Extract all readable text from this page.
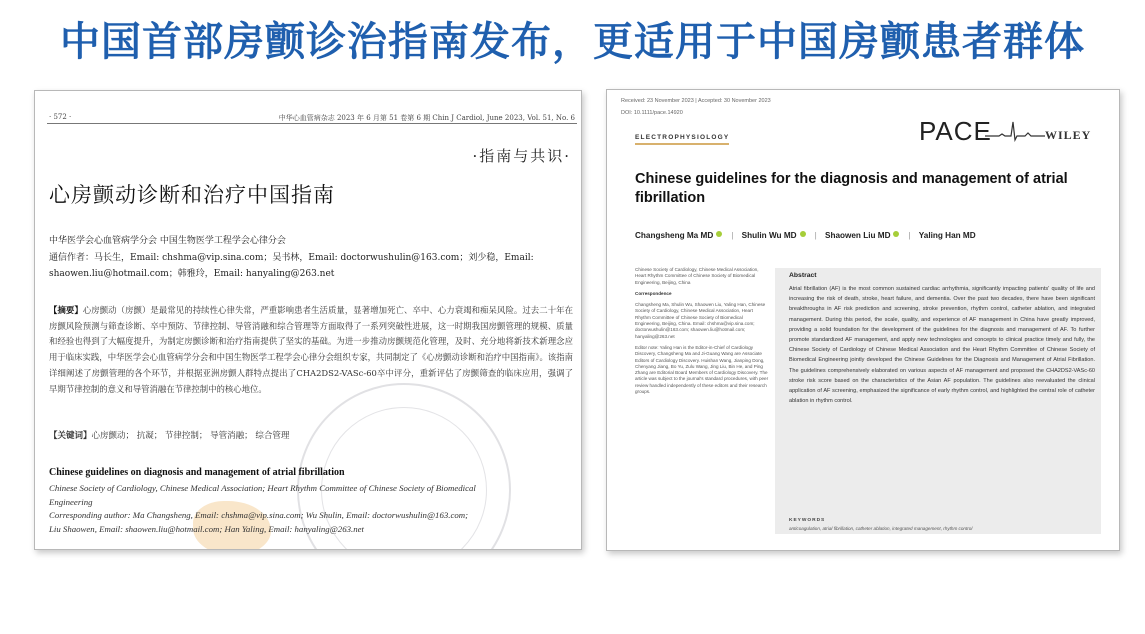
中国首部房颤诊治指南发布，更适用于中国房颤患者群体
· 572 ·	中华心血管病杂志 2023 年 6 月第 51 卷第 6 期 Chin J Cardiol, June 2023, Vol. 51, No. 6

·指南与共识·
心房颤动诊断和治疗中国指南
中华医学会心血管病学分会 中国生物医学工程学会心律分会
通信作者：马长生，Email: chshma@vip.sina.com；吴书林，Email: doctorwushulin@163.com；刘少稳，Email: shaowen.liu@hotmail.com；韩雅玲，Email: hanyaling@263.net
【摘要】心房颤动（房颤）是最常见的持续性心律失常，严重影响患者生活质量，显著增加死亡、卒中、心力衰竭和痴呆风险。过去二十年在房颤风险预测与筛查诊断、卒中预防、节律控制、导管消融和综合管理等方面取得了一系列突破性进展，这一时期我国房颤管理的规模、质量和经验也得到了大幅度提升，为制定房颤诊断和治疗指南提供了坚实的基础。为进一步推动房颤规范化管理，及时、充分地将新技术新理念应用于临床实践，中华医学会心血管病学分会和中国生物医学工程学会心律分会组织专家，共同制定了《心房颤动诊断和治疗中国指南》。该指南详细阐述了房颤管理的各个环节，并根据亚洲房颤人群特点提出了CHA2DS2-VASc-60卒中评分，重新评估了房颤筛查的临床应用，强调了早期节律控制的意义和导管消融在节律控制中的核心地位。
【关键词】心房颤动； 抗凝； 节律控制； 导管消融； 综合管理
Chinese guidelines on diagnosis and management of atrial fibrillation
Chinese Society of Cardiology, Chinese Medical Association; Heart Rhythm Committee of Chinese Society of Biomedical Engineering
Corresponding author: Ma Changsheng, Email: chshma@vip.sina.com; Wu Shulin, Email: doctorwushulin@163.com; Liu Shaowen, Email: shaowen.liu@hotmail.com; Han Yaling, Email: hanyaling@263.net
Received: 23 November 2023 | Accepted: 30 November 2023
DOI: 10.1111/pace.14920
ELECTROPHYSIOLOGY	PACE	WILEY
Chinese guidelines for the diagnosis and management of atrial fibrillation
Changsheng Ma MD | Shulin Wu MD | Shaowen Liu MD | Yaling Han MD

Chinese Society of Cardiology, Chinese Medical Association, Heart Rhythm Committee of Chinese Society of Biomedical Engineering, Beijing, China

Correspondence

Changsheng Ma, Shulin Wu, Shaowen Liu, Yaling Han, Chinese Society of Cardiology, Chinese Medical Association, Heart Rhythm Committee of Chinese Society of Biomedical Engineering, Beijing, China. Email: chshma@vip.sina.com; doctorwushulin@163.com; shaowen.liu@hotmail.com; hanyaling@263.net

Editor note: Yaling Han is the Editor-in-Chief of Cardiology Discovery, Changsheng Ma and Ji-Guang Wang are Associate Editors of Cardiology Discovery. Huishan Wang, Jianping Dong, Chenyang Jiang, Bo Yu, Zulu Wang, Jing Liu, Bin He, and Ping Zhang are Editorial Board Members of Cardiology Discovery. The article was subject to the journal's standard procedures, with peer review handled independently of these editors and their research groups.

Abstract
Atrial fibrillation (AF) is the most common sustained cardiac arrhythmia, significantly impacting patients' quality of life and increasing the risk of death, stroke, heart failure, and dementia. Over the past two decades, there have been significant breakthroughs in AF risk prediction and screening, stroke prevention, rhythm control, catheter ablation, and integrated management. During this period, the scale, quality, and experience of AF management in China have greatly improved, providing a solid foundation for the development of the guidelines for the diagnosis and management of AF. To further promote standardized AF management, and apply new technologies and concepts to clinical practice timely and fully, the Chinese Society of Cardiology of Chinese Medical Association and the Heart Rhythm Committee of Chinese Society of Biomedical Engineering jointly developed the Chinese Guidelines for the Diagnosis and Management of Atrial Fibrillation. The guidelines comprehensively elaborated on various aspects of AF management and proposed the CHA2DS2-VASc-60 stroke risk score based on the characteristics of the Asian AF population. The guidelines also reevaluated the clinical application of AF screening, emphasized the significance of early rhythm control, and highlighted the central role of catheter ablation in rhythm control.
KEYWORDS
anticoagulation, atrial fibrillation, catheter ablation, integrated management, rhythm control
